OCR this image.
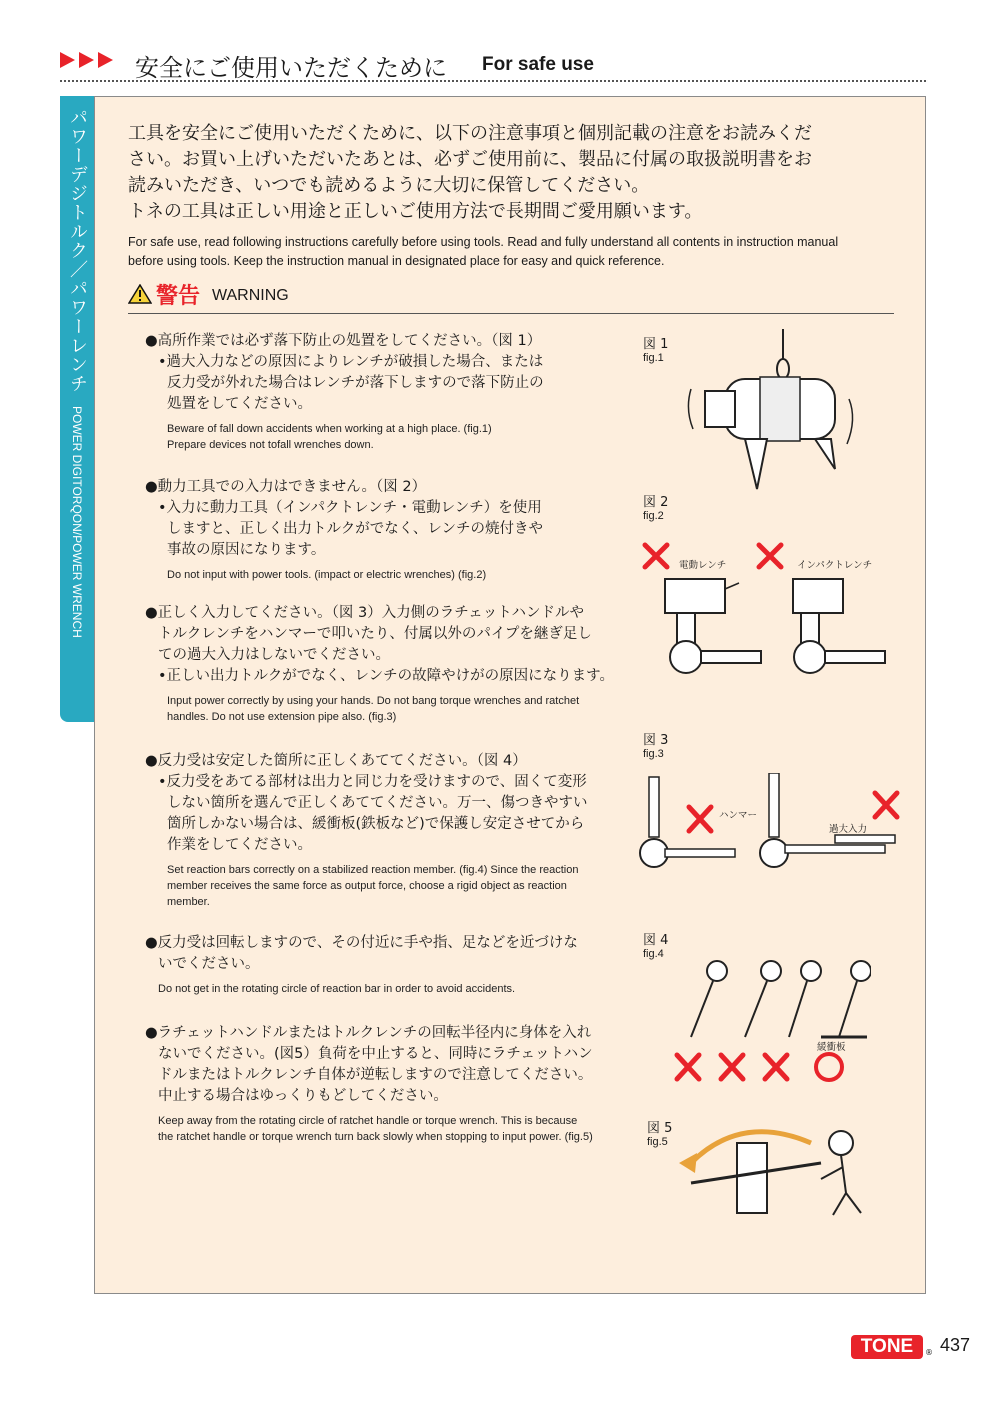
安全にご使用いただくために For safe use
パワーデジトルク／パワーレンチ POWER DIGITORQON/POWER WRENCH

工具を安全にご使用いただくために、以下の注意事項と個別記載の注意をお読みくだ
さい。お買い上げいただいたあとは、必ずご使用前に、製品に付属の取扱説明書をお
読みいただき、いつでも読めるように大切に保管してください。
トネの工具は正しい用途と正しいご使用方法で長期間ご愛用願います。

For safe use, read following instructions carefully before using tools. Read and fully understand all contents in instruction manual
before using tools. Keep the instruction manual in designated place for easy and quick reference.

警告 WARNING

●高所作業では必ず落下防止の処置をしてください。（図 1）

•過大入力などの原因によりレンチが破損した場合、または
反力受が外れた場合はレンチが落下しますので落下防止の
処置をしてください。

Beware of fall down accidents when working at a high place. (fig.1)
Prepare devices not tofall wrenches down.

●動力工具での入力はできません。（図 2）

•入力に動力工具（インパクトレンチ・電動レンチ）を使用
しますと、正しく出力トルクがでなく、レンチの焼付きや
事故の原因になります。

Do not input with power tools. (impact or electric wrenches) (fig.2)

●正しく入力してください。（図 3）入力側のラチェットハンドルや

トルクレンチをハンマーで叩いたり、付属以外のパイプを継ぎ足し
ての過大入力はしないでください。

•正しい出力トルクがでなく、レンチの故障やけがの原因になります。

Input power correctly by using your hands. Do not bang torque wrenches and ratchet
handles. Do not use extension pipe also. (fig.3)

●反力受は安定した箇所に正しくあててください。（図 4）

•反力受をあてる部材は出力と同じ力を受けますので、固くて変形
しない箇所を選んで正しくあててください。万一、傷つきやすい
箇所しかない場合は、緩衝板(鉄板など)で保護し安定させてから
作業をしてください。

Set reaction bars correctly on a stabilized reaction member. (fig.4) Since the reaction
member receives the same force as output force, choose a rigid object as reaction
member.

●反力受は回転しますので、その付近に手や指、足などを近づけな

いでください。

Do not get in the rotating circle of reaction bar in order to avoid accidents.

●ラチェットハンドルまたはトルクレンチの回転半径内に身体を入れ

ないでください。(図5）負荷を中止すると、同時にラチェットハン
ドルまたはトルクレンチ自体が逆転しますので注意してください。
中止する場合はゆっくりもどしてください。

Keep away from the rotating circle of ratchet handle or torque wrench. This is because
the ratchet handle or torque wrench turn back slowly when stopping to input power. (fig.5)

図 1
fig.1
図 2
fig.2
電動レンチ	インパクトレンチ
図 3
fig.3
ハンマー
過大入力
図 4
fig.4
緩衝板
図 5
fig.5
TONE	® 437
